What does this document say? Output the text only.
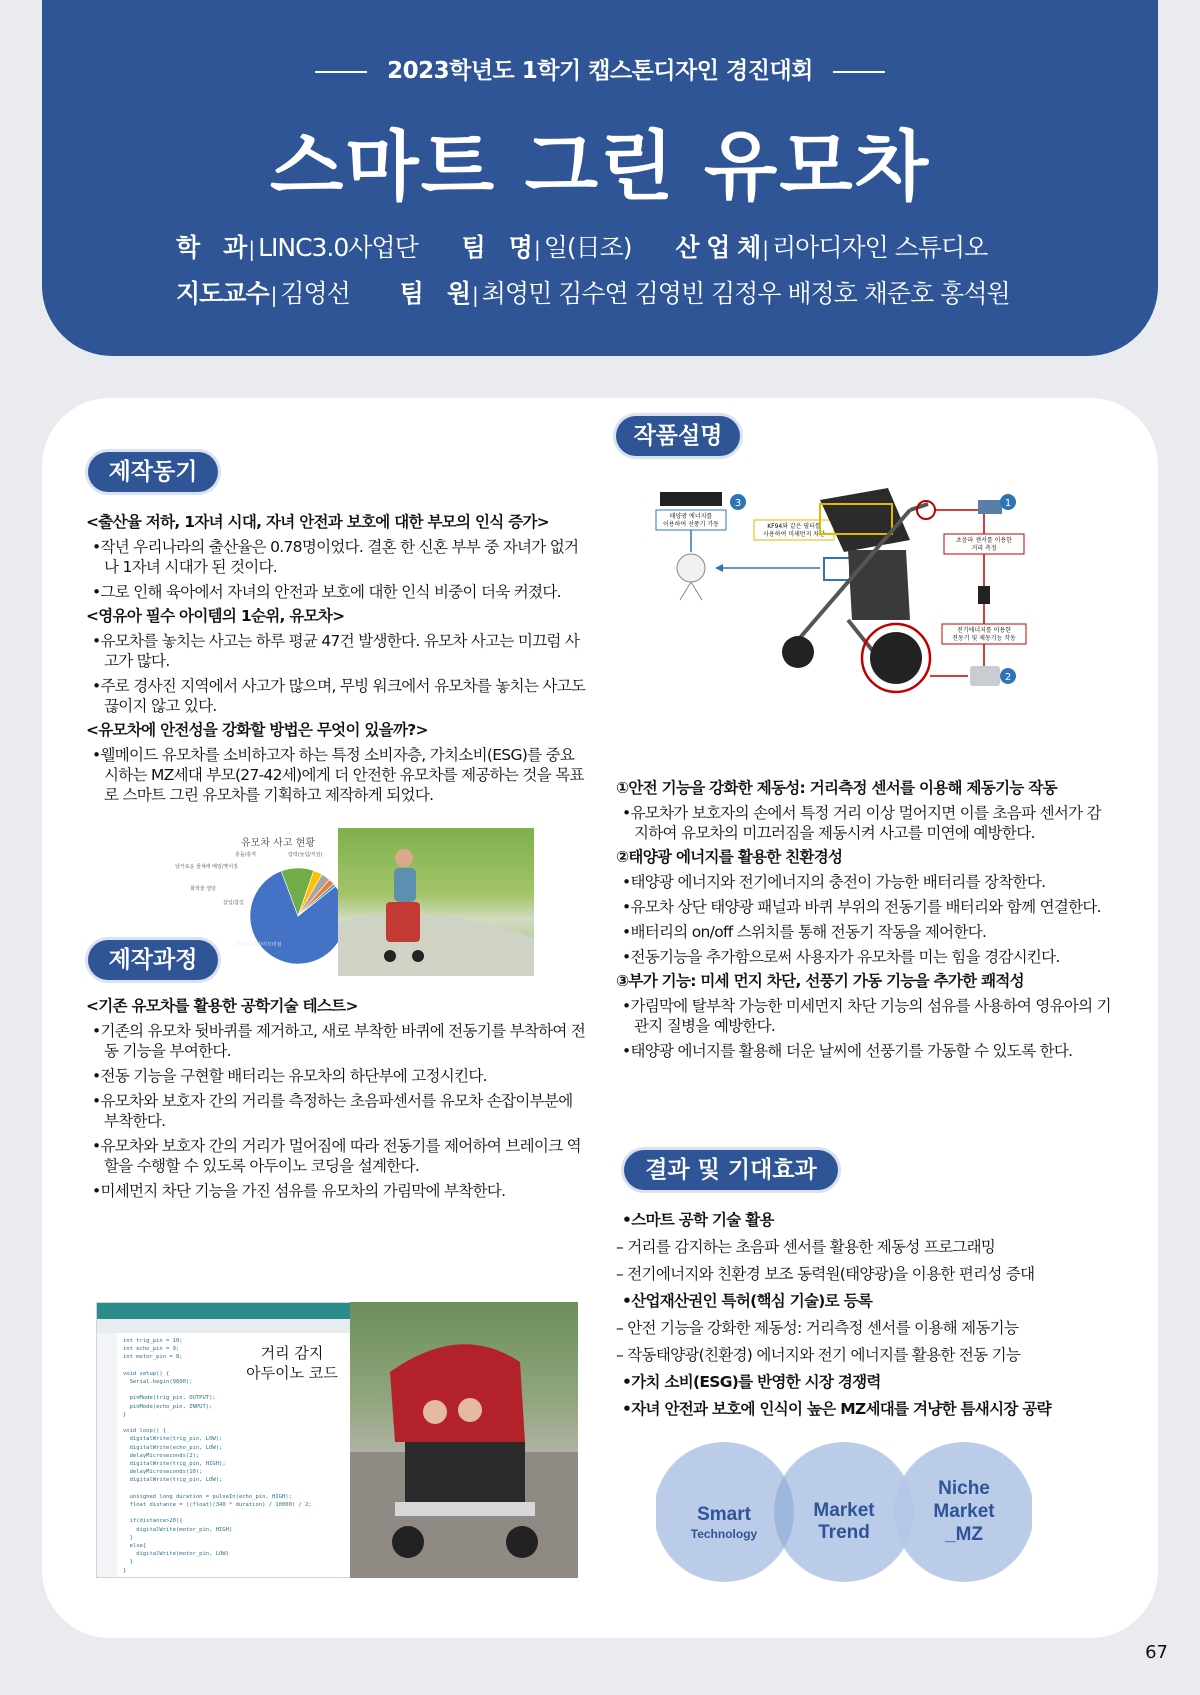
2023학년도 1학기 캡스톤디자인 경진대회
스마트 그린 유모차
학　과 | LINC3.0사업단 팀　명 | 일(日조) 산 업 체 | 리아디자인 스튜디오
지도교수 | 김영선 팀　원 | 최영민 김수연 김영빈 김정우 배정호 채준호 홍석원
제작동기
<출산율 저하, 1자녀 시대, 자녀 안전과 보호에 대한 부모의 인식 증가>
•작년 우리나라의 출산율은 0.78명이었다. 결혼 한 신혼 부부 중 자녀가 없거나 1자녀 시대가 된 것이다.
•그로 인해 육아에서 자녀의 안전과 보호에 대한 인식 비중이 더욱 커졌다.
<영유아 필수 아이템의 1순위, 유모차>
•유모차를 놓치는 사고는 하루 평균 47건 발생한다. 유모차 사고는 미끄럼 사고가 많다.
•주로 경사진 지역에서 사고가 많으며, 무빙 워크에서 유모차를 놓치는 사고도 끊이지 않고 있다.
<유모차에 안전성을 강화할 방법은 무엇이 있을까?>
•웰메이드 유모차를 소비하고자 하는 특정 소비자층, 가치소비(ESG)를 중요시하는 MZ세대 부모(27-42세)에게 더 안전한 유모차를 제공하는 것을 목표로 스마트 그린 유모차를 기획하고 제작하게 되었다.
유모차 사고 현황
추락/넘어짐/미끄러짐
압력(눌림/끼임)
충돌/충격
날카로운 물체에 베임/찢어짐
화학물 열탕
삽입/흡입
제작과정
<기존 유모차를 활용한 공학기술 테스트>
•기존의 유모차 뒷바퀴를 제거하고, 새로 부착한 바퀴에 전동기를 부착하여 전동 기능을 부여한다.
•전동 기능을 구현할 배터리는 유모차의 하단부에 고정시킨다.
•유모차와 보호자 간의 거리를 측정하는 초음파센서를 유모차 손잡이부분에 부착한다.
•유모차와 보호자 간의 거리가 멀어짐에 따라 전동기를 제어하여 브레이크 역할을 수행할 수 있도록 아두이노 코딩을 설계한다.
•미세먼지 차단 기능을 가진 섬유를 유모차의 가림막에 부착한다.
int trig_pin = 10;
int echo_pin = 9;
int motor_pin = 8;

void setup() {
Serial.begin(9600);

pinMode(trig_pin, OUTPUT);
pinMode(echo_pin, INPUT);
}

void loop() {
digitalWrite(trig_pin, LOW);
digitalWrite(echo_pin, LOW);
delayMicroseconds(2);
digitalWrite(trig_pin, HIGH);
delayMicroseconds(10);
digitalWrite(trig_pin, LOW);

unsigned long duration = pulseIn(echo_pin, HIGH);
float distance = ((float)(340 * duration) / 10000) / 2;

if(distance>20){
digitalWrite(motor_pin, HIGH)
}
else{
digitalWrite(motor_pin, LOW)
}
}
거리 감지
아두이노 코드
작품설명
태양광 에너지를
이용하여 선풍기 가동
3
KF94와 같은 필터를
사용하여 미세먼지 차단
1
초음파 센서를 이용한
거리 측정
전기에너지를 이용한
전동기 및 제동기능 작동
2
①안전 기능을 강화한 제동성: 거리측정 센서를 이용해 제동기능 작동
•유모차가 보호자의 손에서 특정 거리 이상 멀어지면 이를 초음파 센서가 감지하여 유모차의 미끄러짐을 제동시켜 사고를 미연에 예방한다.
②태양광 에너지를 활용한 친환경성
•태양광 에너지와 전기에너지의 충전이 가능한 배터리를 장착한다.
•유모차 상단 태양광 패널과 바퀴 부위의 전동기를 배터리와 함께 연결한다.
•배터리의 on/off 스위치를 통해 전동기 작동을 제어한다.
•전동기능을 추가함으로써 사용자가 유모차를 미는 힘을 경감시킨다.
③부가 기능: 미세 먼지 차단, 선풍기 가동 기능을 추가한 쾌적성
•가림막에 탈부착 가능한 미세먼지 차단 기능의 섬유를 사용하여 영유아의 기관지 질병을 예방한다.
•태양광 에너지를 활용해 더운 날씨에 선풍기를 가동할 수 있도록 한다.
결과 및 기대효과
•스마트 공학 기술 활용
– 거리를 감지하는 초음파 센서를 활용한 제동성 프로그래밍
– 전기에너지와 친환경 보조 동력원(태양광)을 이용한 편리성 증대
•산업재산권인 특허(핵심 기술)로 등록
– 안전 기능을 강화한 제동성: 거리측정 센서를 이용해 제동기능
– 작동태양광(친환경) 에너지와 전기 에너지를 활용한 전동 기능
•가치 소비(ESG)를 반영한 시장 경쟁력
•자녀 안전과 보호에 인식이 높은 MZ세대를 겨냥한 틈새시장 공략
Smart
Technology
Market
Trend
Niche
Market
_MZ
67
